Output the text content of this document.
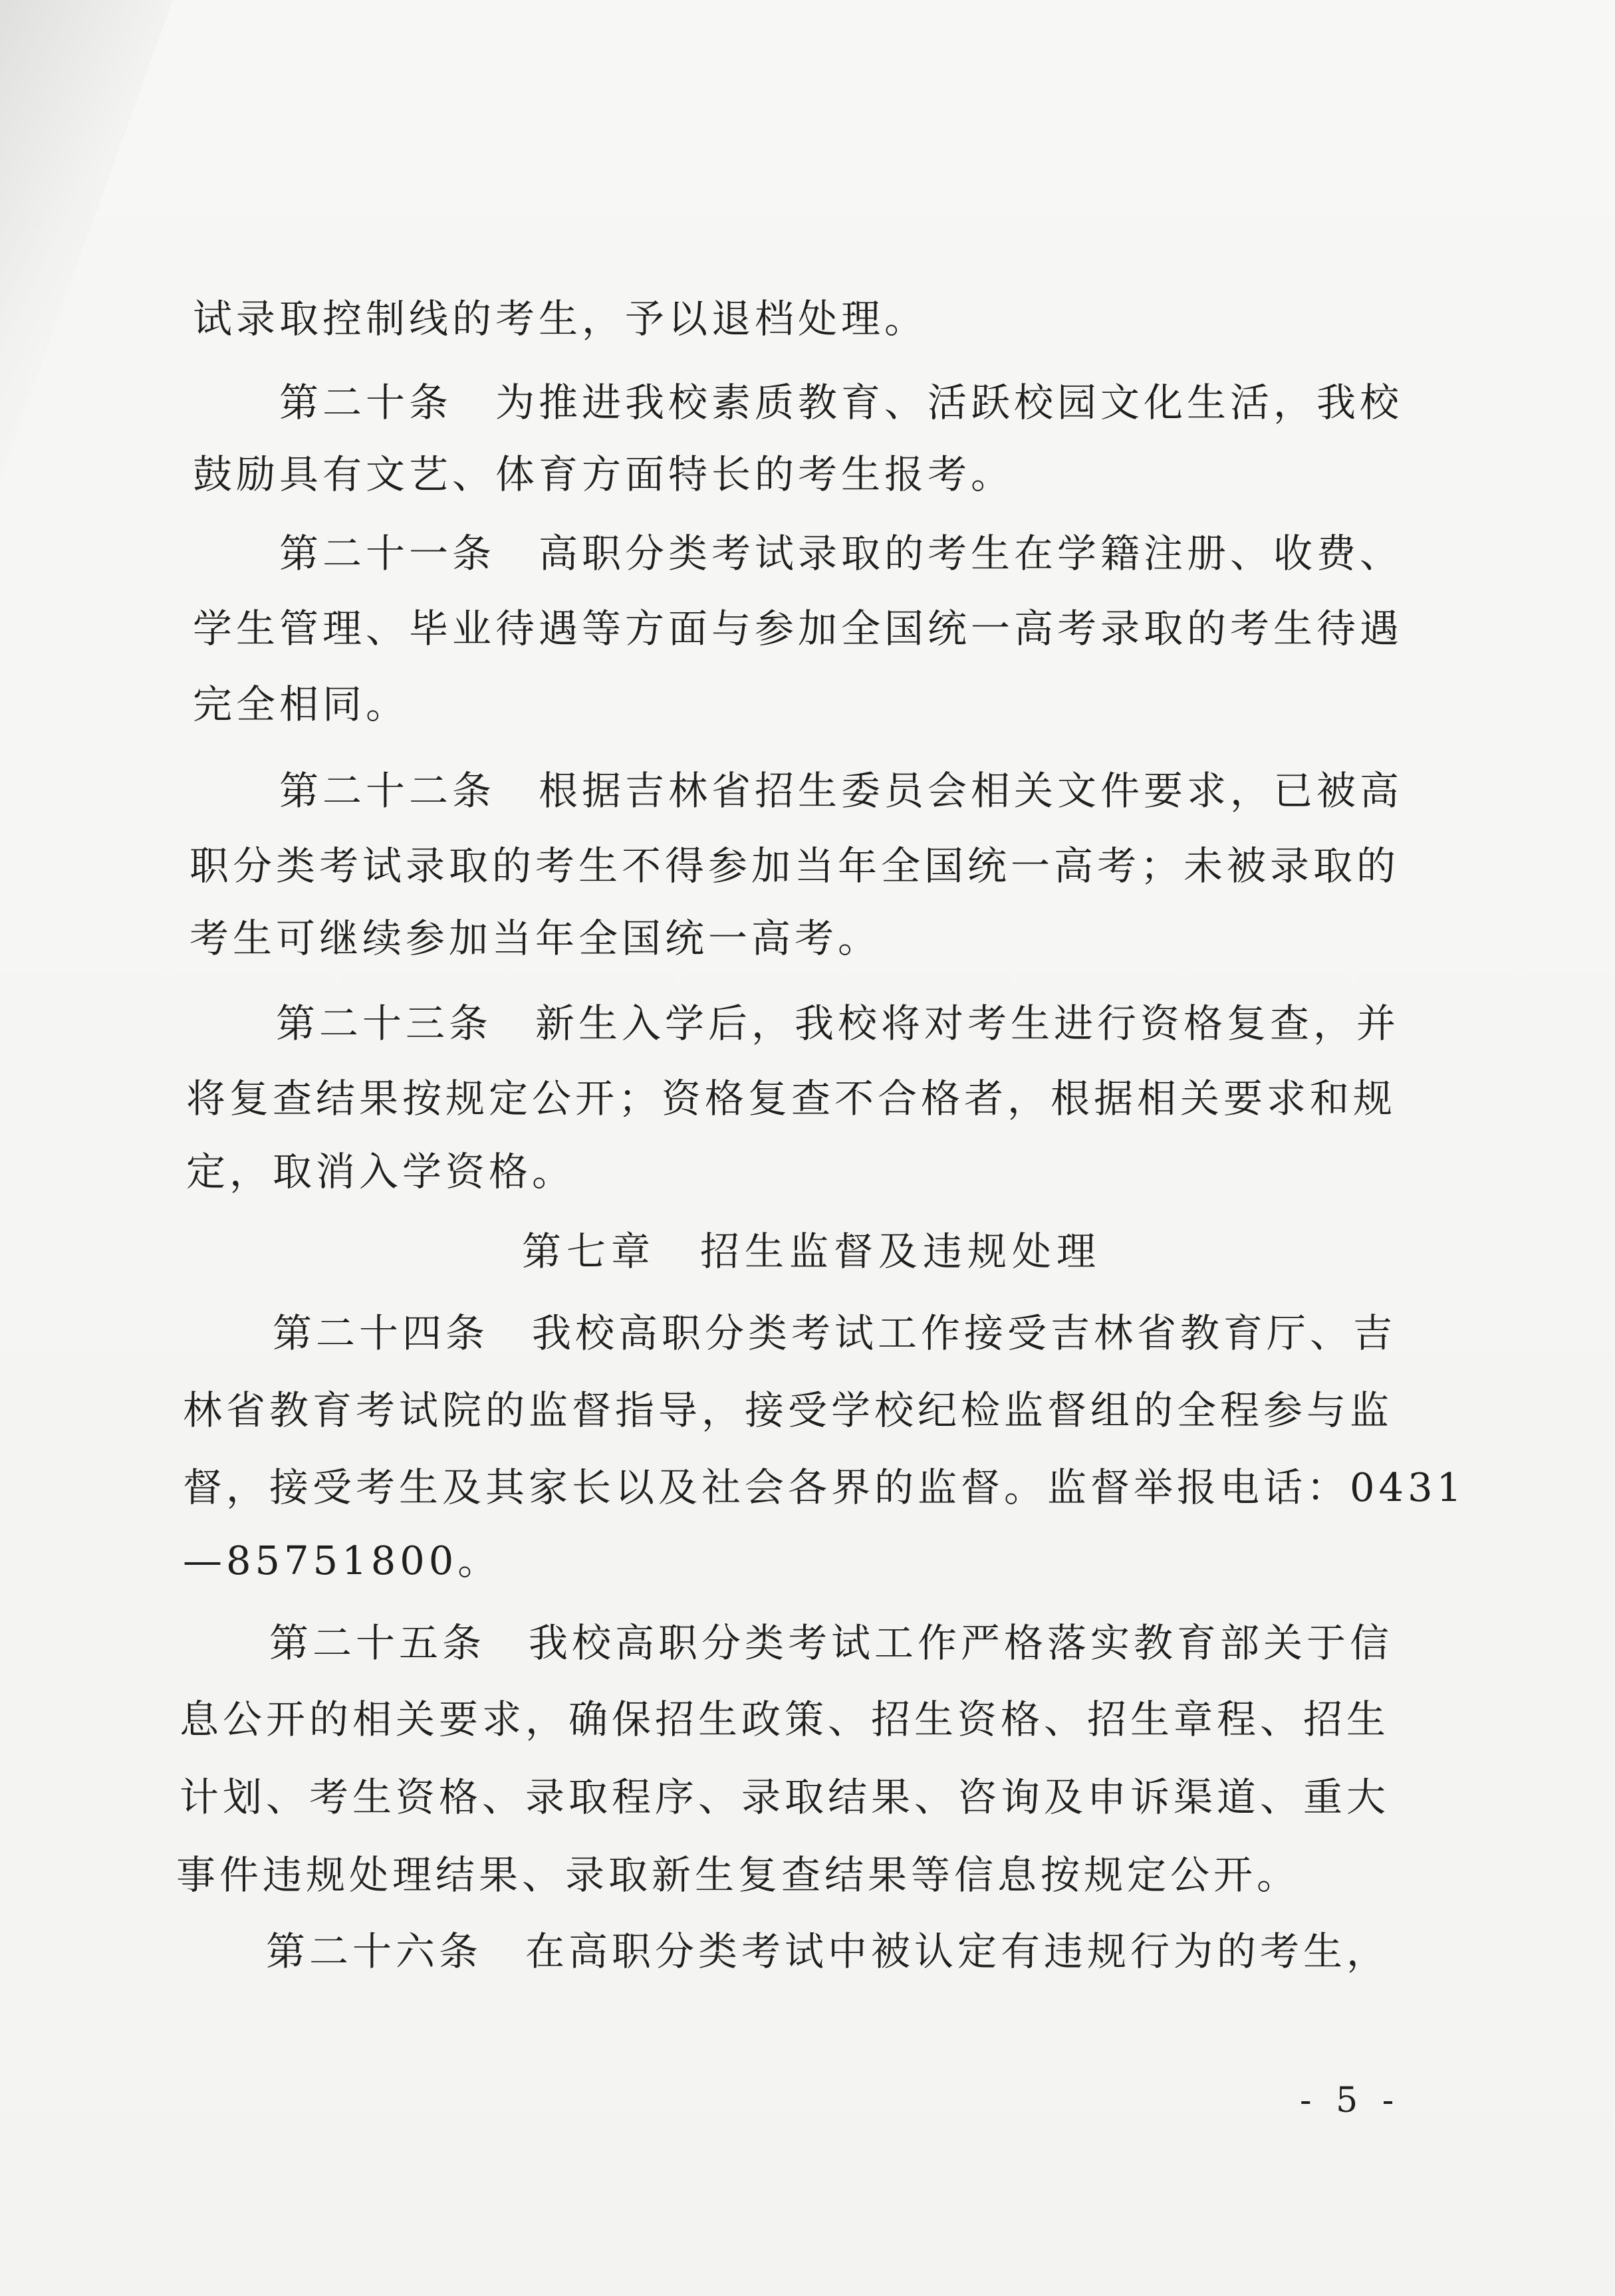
试录取控制线的考生，予以退档处理。
第二十条　为推进我校素质教育、活跃校园文化生活，我校
鼓励具有文艺、体育方面特长的考生报考。
第二十一条　高职分类考试录取的考生在学籍注册、收费、
学生管理、毕业待遇等方面与参加全国统一高考录取的考生待遇
完全相同。
第二十二条　根据吉林省招生委员会相关文件要求，已被高
职分类考试录取的考生不得参加当年全国统一高考；未被录取的
考生可继续参加当年全国统一高考。
第二十三条　新生入学后，我校将对考生进行资格复查，并
将复查结果按规定公开；资格复查不合格者，根据相关要求和规
定，取消入学资格。
第七章　招生监督及违规处理
第二十四条　我校高职分类考试工作接受吉林省教育厅、吉
林省教育考试院的监督指导，接受学校纪检监督组的全程参与监
督，接受考生及其家长以及社会各界的监督。监督举报电话：0431
—85751800。
第二十五条　我校高职分类考试工作严格落实教育部关于信
息公开的相关要求，确保招生政策、招生资格、招生章程、招生
计划、考生资格、录取程序、录取结果、咨询及申诉渠道、重大
事件违规处理结果、录取新生复查结果等信息按规定公开。
第二十六条　在高职分类考试中被认定有违规行为的考生，
- 5 -
